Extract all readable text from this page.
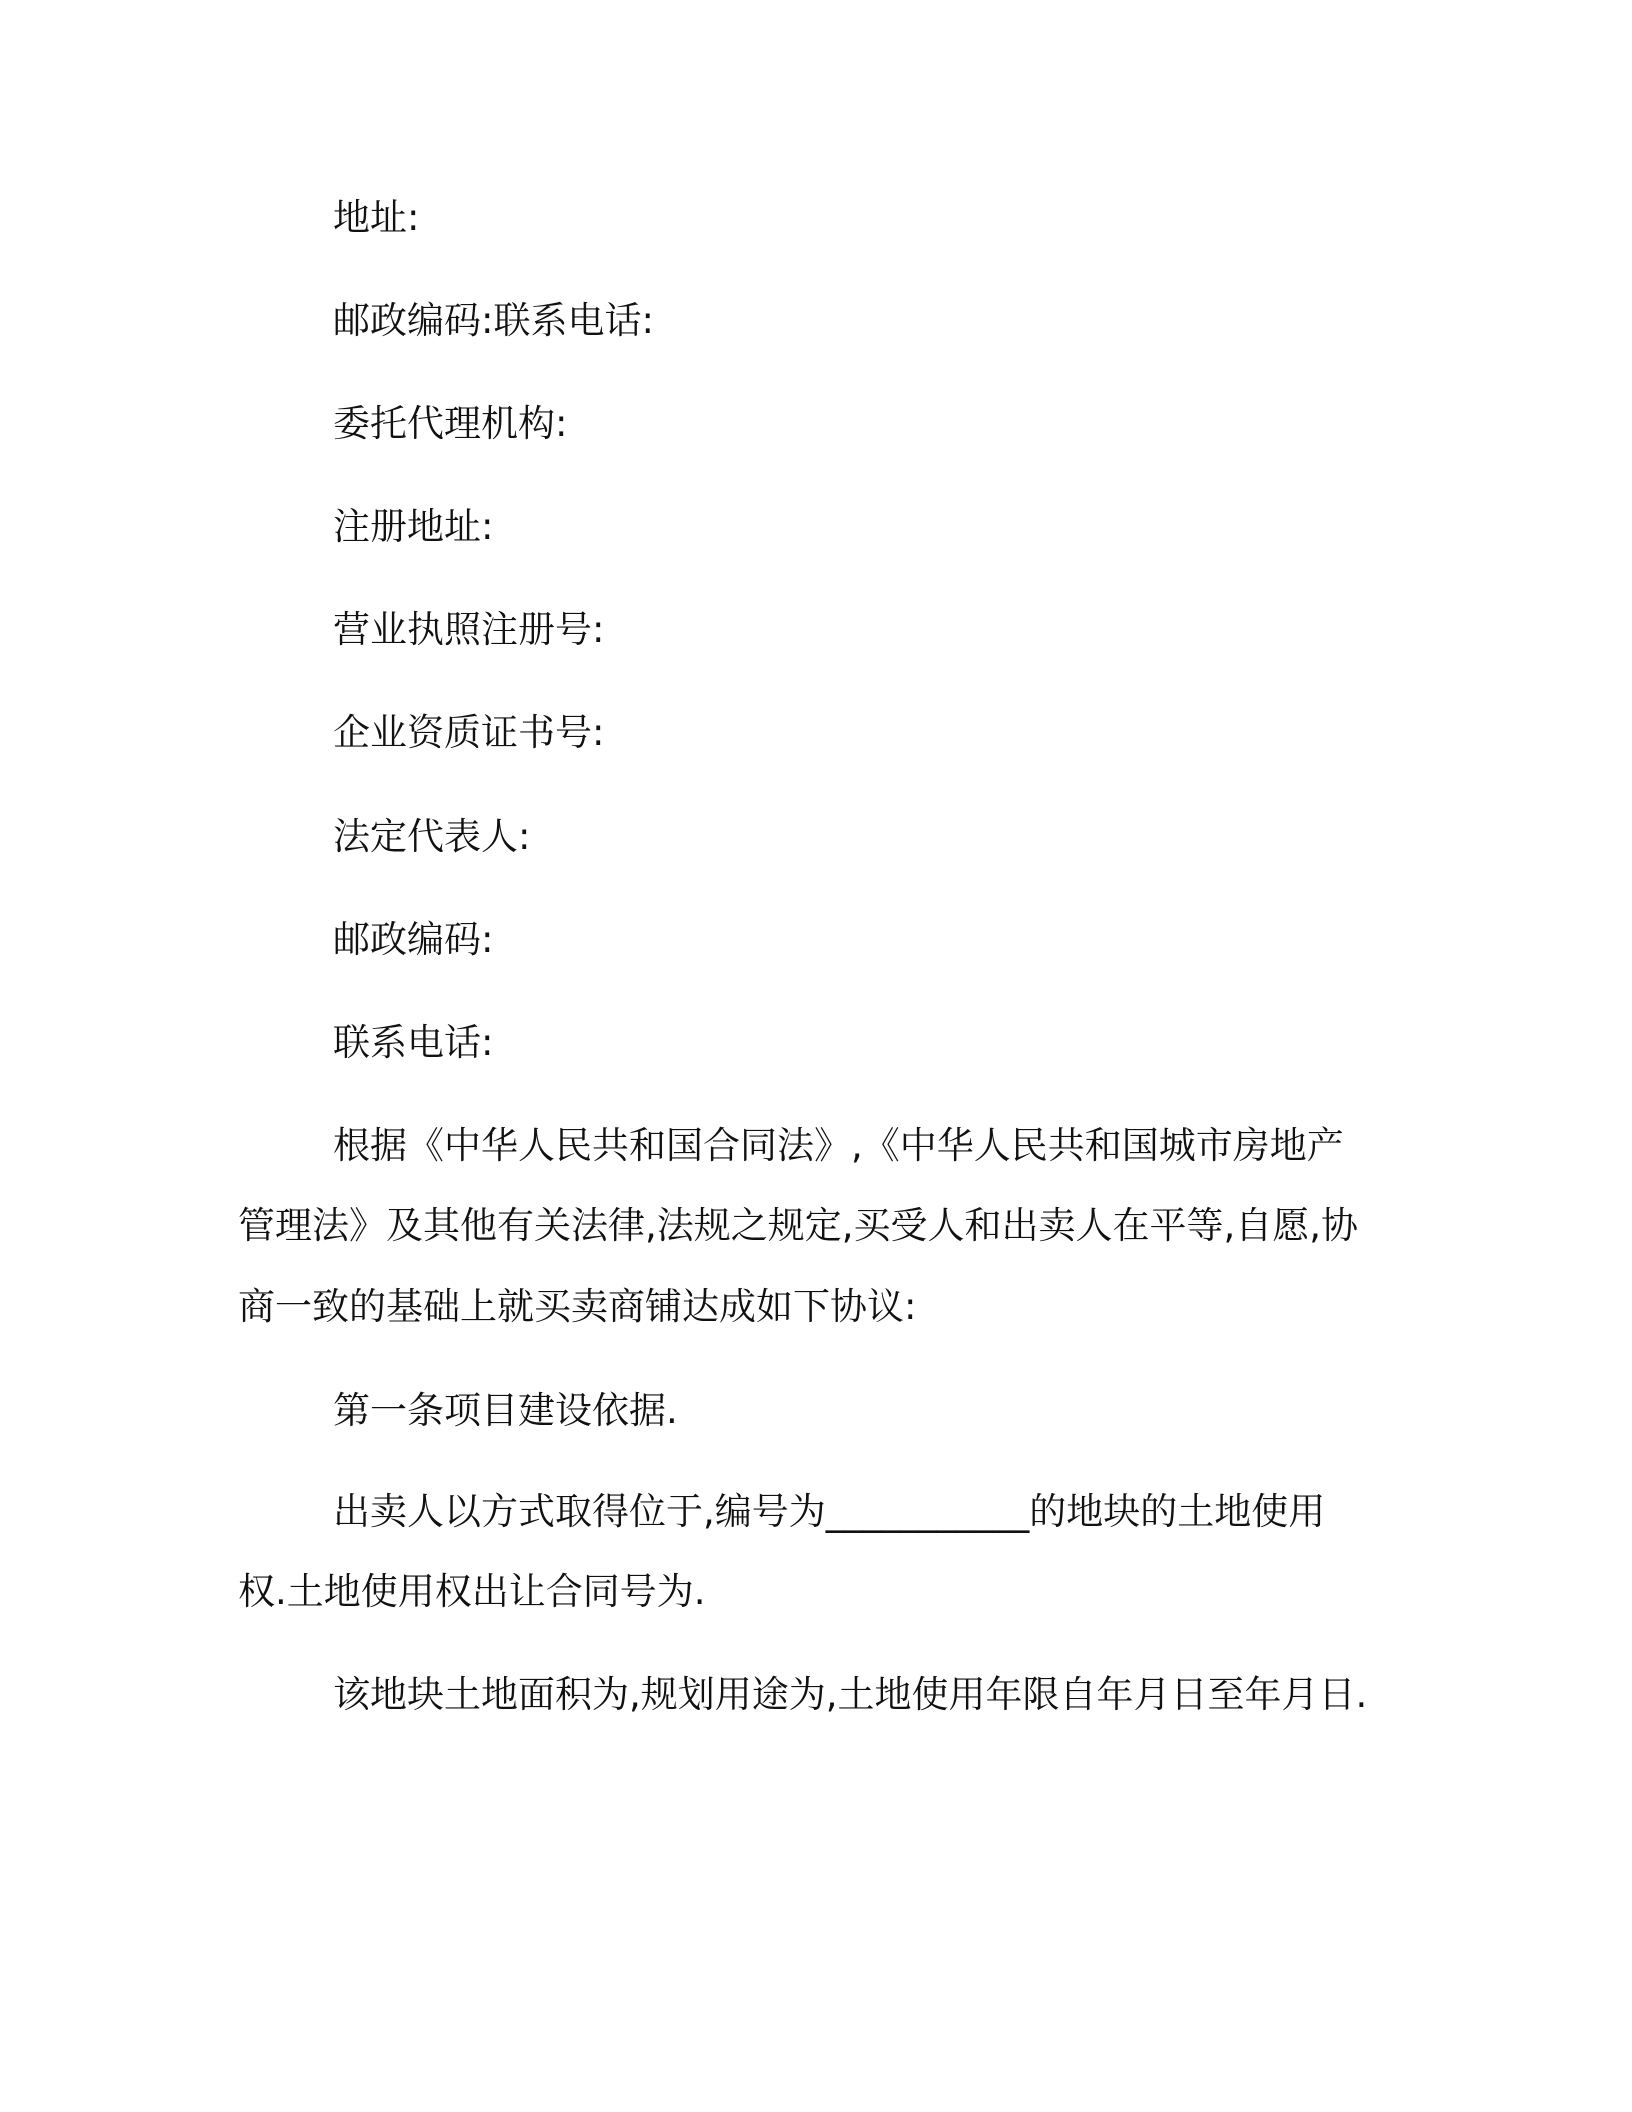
地址:
邮政编码:联系电话:
委托代理机构:
注册地址:
营业执照注册号:
企业资质证书号:
法定代表人:
邮政编码:
联系电话:
根据《中华人民共和国合同法》,《中华人民共和国城市房地产
管理法》及其他有关法律,法规之规定,买受人和出卖人在平等,自愿,协
商一致的基础上就买卖商铺达成如下协议:
第一条项目建设依据.
出卖人以方式取得位于,编号为___________的地块的土地使用
权.土地使用权出让合同号为.
该地块土地面积为,规划用途为,土地使用年限自年月日至年月日.
